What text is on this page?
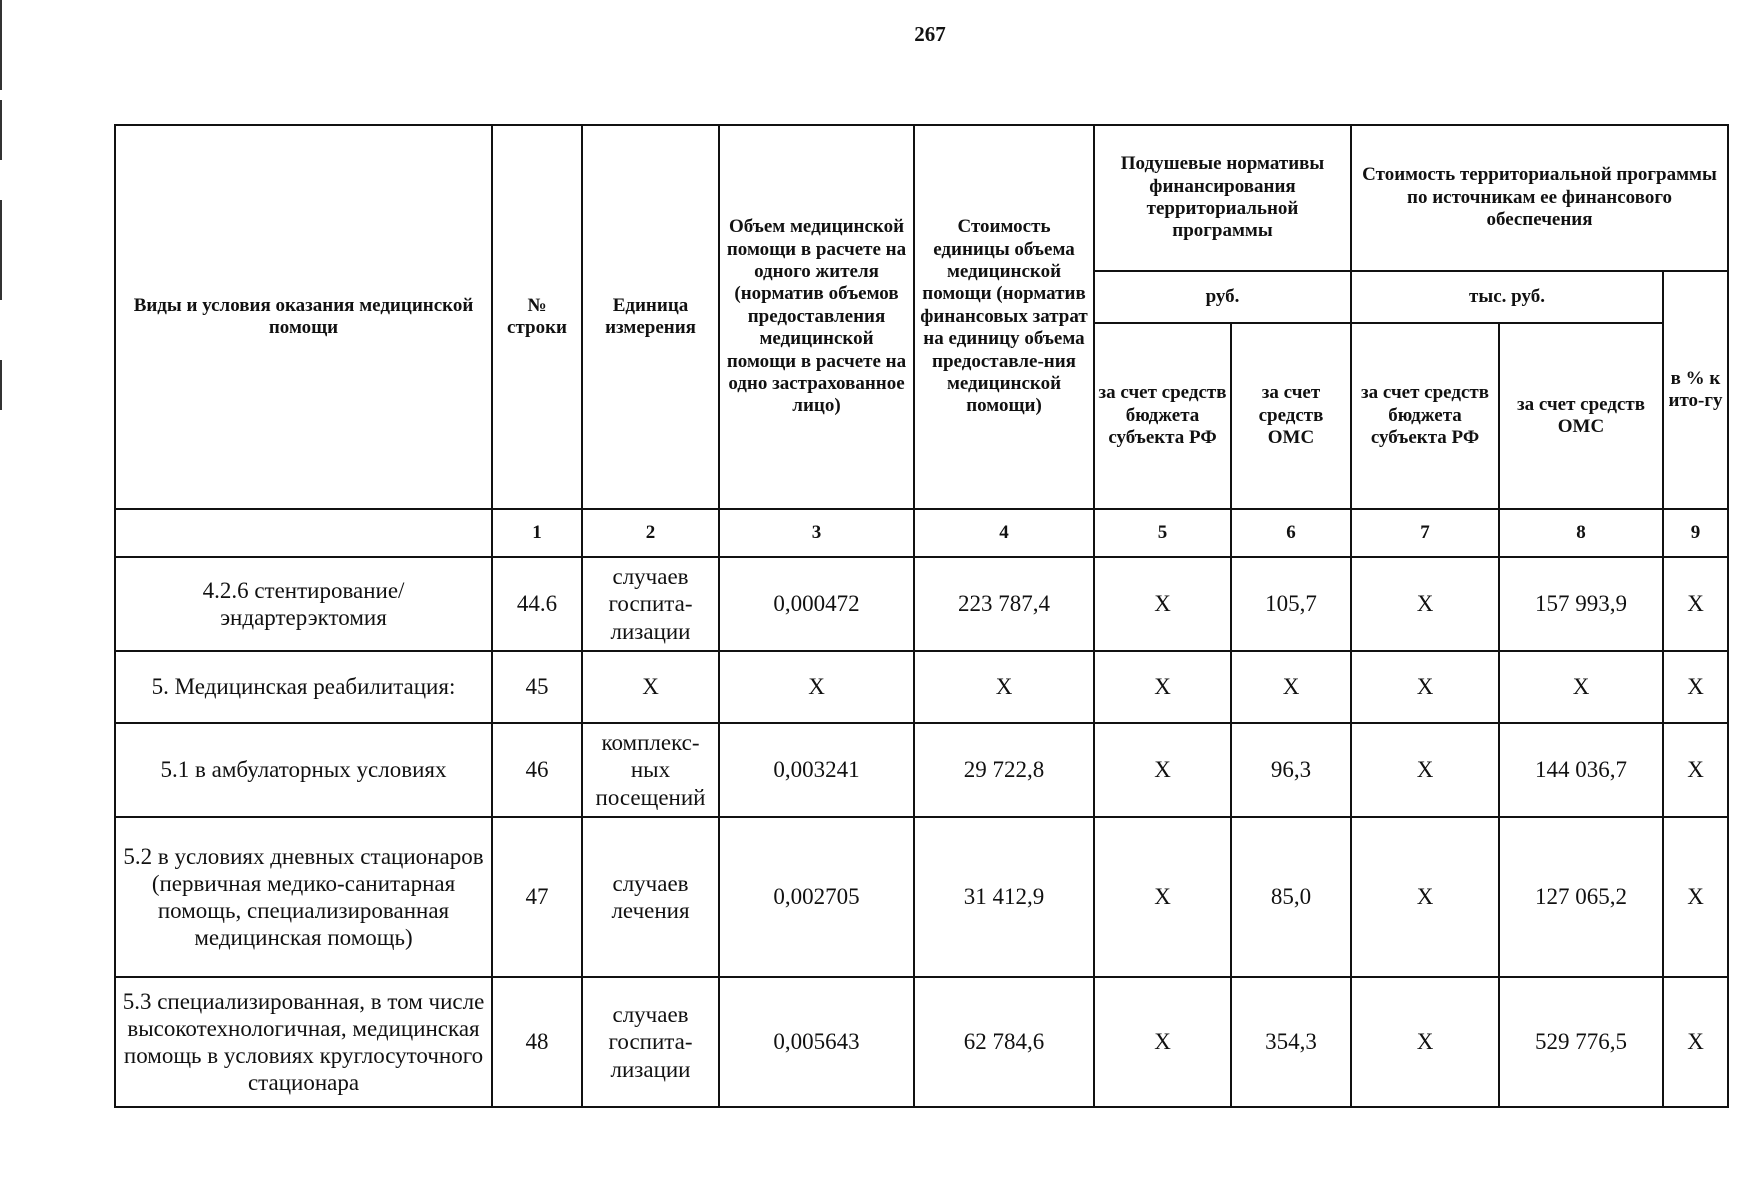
267
Виды и условия оказания медицинской помощи	№ строки	Единица измерения	Объем медицинской помощи в расчете на одного жителя (норматив объемов предоставления медицинской помощи в расчете на одно застрахованное лицо)	Стоимость единицы объема медицинской помощи (норматив финансовых затрат на единицу объема предоставле-ния медицинской помощи)	Подушевые нормативы финансирования территориальной программы		Стоимость территориальной программы по источникам ее финансового обеспечения		
					руб.		тыс. руб.		в % к ито-гу
					за счет средств бюджета субъекта РФ	за счет средств ОМС	за счет средств бюджета субъекта РФ	за счет средств ОМС	
	1	2	3	4	5	6	7	8	9
4.2.6 стентирование/ эндартерэктомия	44.6	случаев госпита-лизации	0,000472	223 787,4	X	105,7	X	157 993,9	X
5. Медицинская реабилитация:	45	X	X	X	X	X	X	X	X
5.1 в амбулаторных условиях	46	комплекс-ных посещений	0,003241	29 722,8	X	96,3	X	144 036,7	X
5.2 в условиях дневных стационаров (первичная медико-санитарная помощь, специализированная медицинская помощь)	47	случаев лечения	0,002705	31 412,9	X	85,0	X	127 065,2	X
5.3 специализированная, в том числе высокотехнологичная, медицинская помощь в условиях круглосуточного стационара	48	случаев госпита-лизации	0,005643	62 784,6	X	354,3	X	529 776,5	X
